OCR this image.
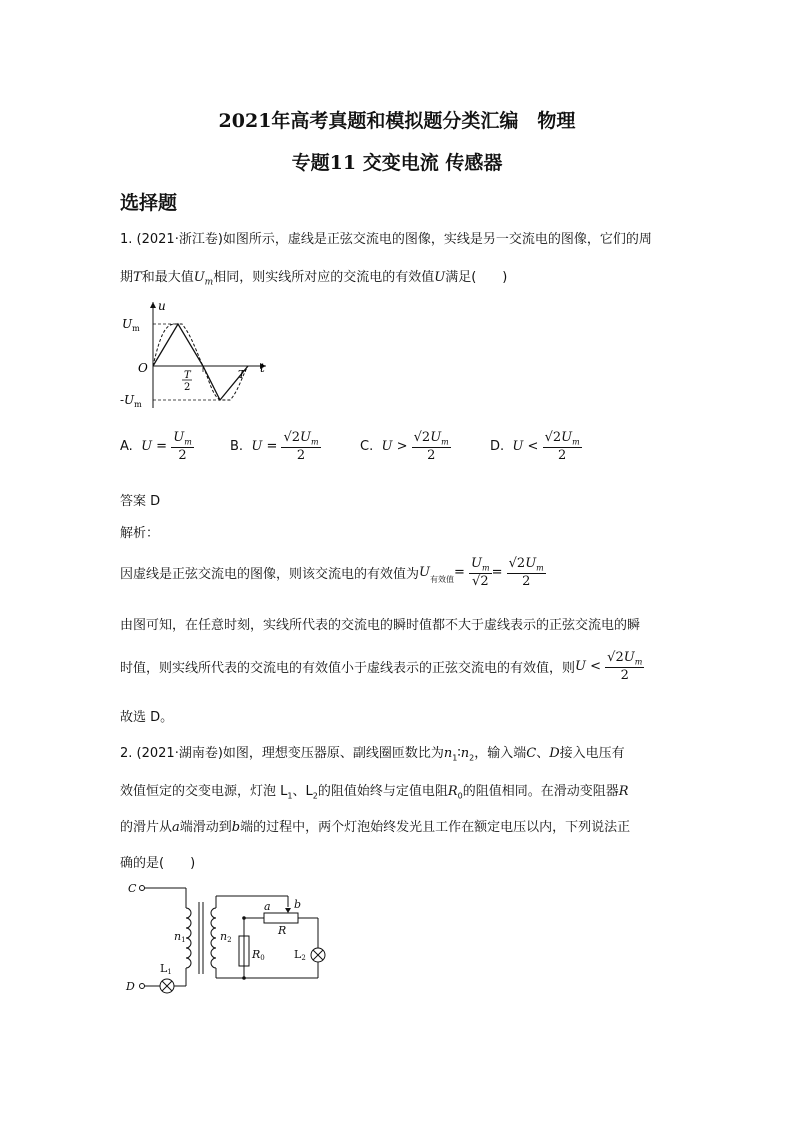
2021年高考真题和模拟题分类汇编　物理
专题11 交变电流 传感器
选择题
1. (2021·浙江卷)如图所示，虚线是正弦交流电的图像，实线是另一交流电的图像，它们的周
期T和最大值$U_m$相同，则实线所对应的交流电的有效值U满足(　　)
u
t
$U_m$
$-U_m$
O
T
2
T
A. $U = \frac{U_m}{2}$	B. $U = \frac{√2U_m}{2}$	C. $U > \frac{√2U_m}{2}$	D. $U < \frac{√2U_m}{2}$
答案 D
解析：
因虚线是正弦交流电的图像，则该交流电的有效值为$U_{有效值}= \frac{U_m}{√2} = \frac{√2U_m}{2}$
由图可知，在任意时刻，实线所代表的交流电的瞬时值都不大于虚线表示的正弦交流电的瞬
时值，则实线所代表的交流电的有效值小于虚线表示的正弦交流电的有效值，则$U < \frac{√2U_m}{2}$
故选 D。
2. (2021·湖南卷)如图，理想变压器原、副线圈匝数比为$n_1∶n_2$，输入端C、D接入电压有
效值恒定的交变电源，灯泡 $L_1$、$L_2$的阻值始终与定值电阻$R_0$的阻值相同。在滑动变阻器R
的滑片从a端滑动到b端的过程中，两个灯泡始终发光且工作在额定电压以内，下列说法正
确的是(　　)
C
D
n1	n2
L1
L2
R0
R
a b
